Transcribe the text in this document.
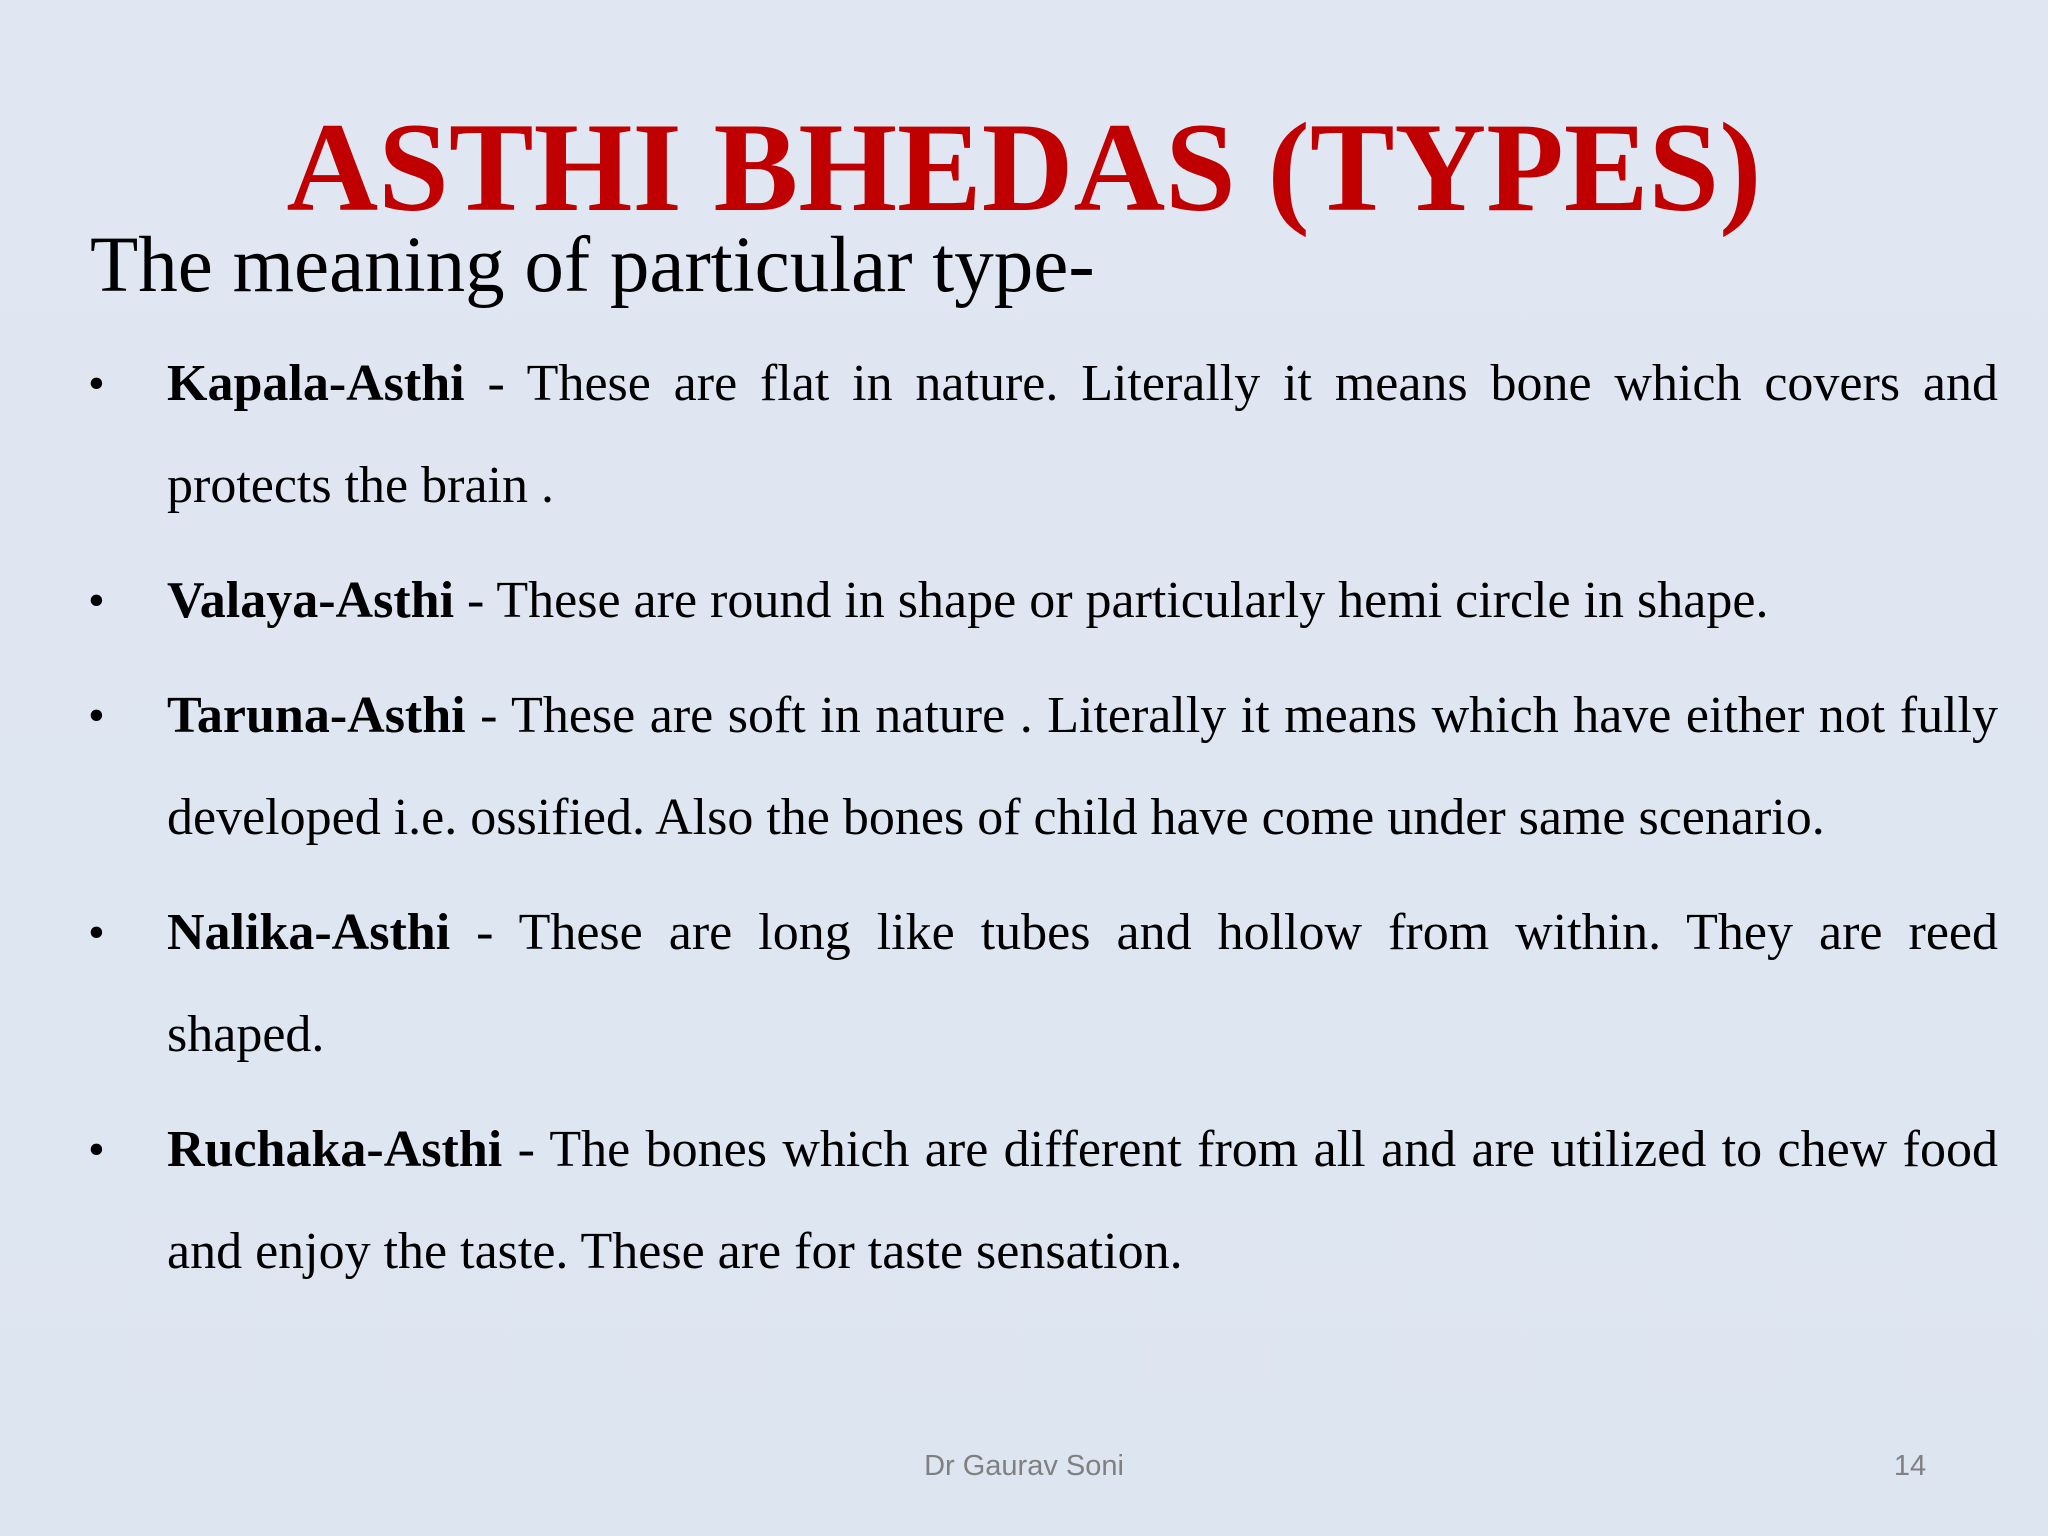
ASTHI BHEDAS (TYPES)
The meaning of particular type-
• Kapala-Asthi - These are flat in nature. Literally it means bone which covers and protects the brain .
• Valaya-Asthi - These are round in shape or particularly hemi circle in shape.
• Taruna-Asthi - These are soft in nature . Literally it means which have either not fully developed i.e. ossified. Also the bones of child have come under same scenario.
• Nalika-Asthi - These are long like tubes and hollow from within. They are reed shaped.
• Ruchaka-Asthi - The bones which are different from all and are utilized to chew food and enjoy the taste. These are for taste sensation.
Dr Gaurav Soni	14
